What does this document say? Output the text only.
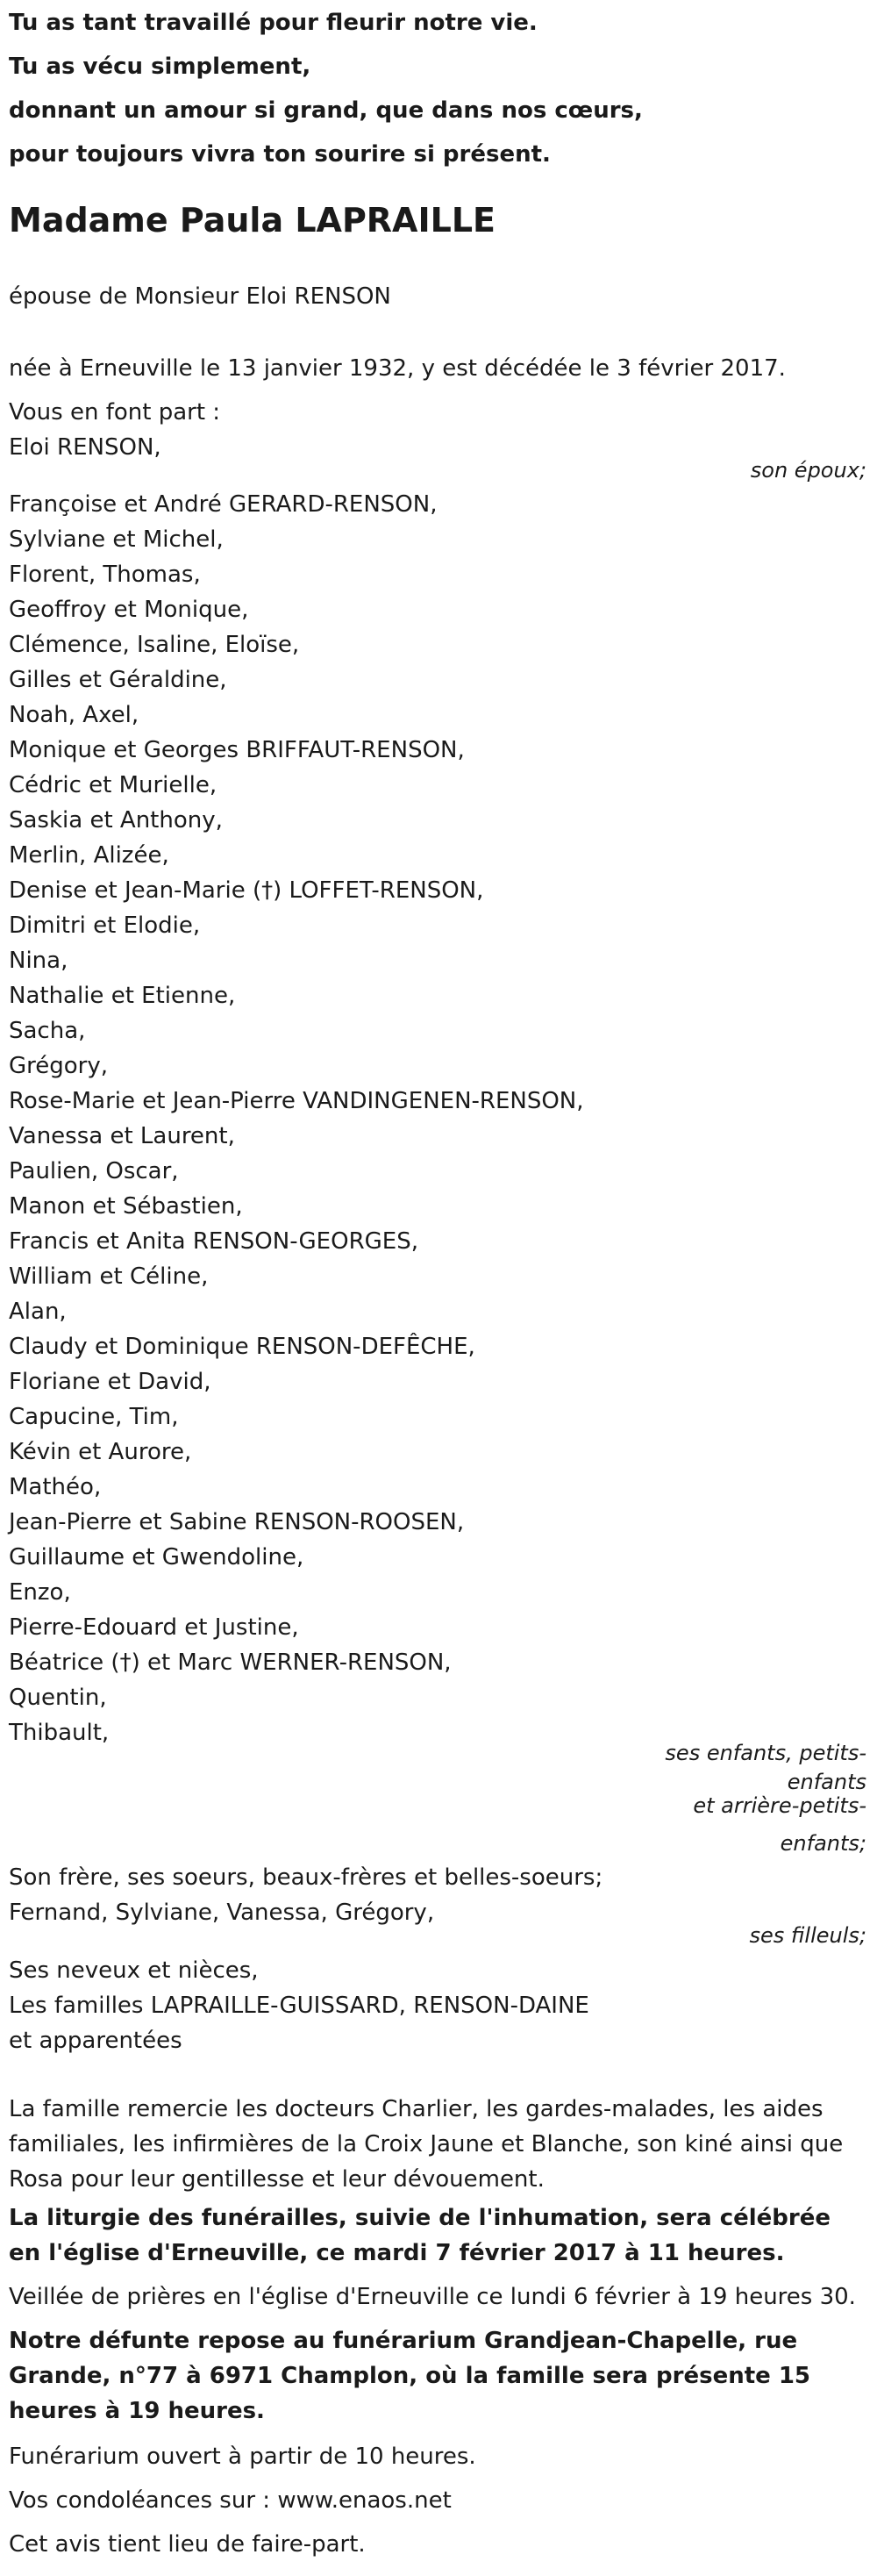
Tu as tant travaillé pour fleurir notre vie.
Tu as vécu simplement,
donnant un amour si grand, que dans nos cœurs,
pour toujours vivra ton sourire si présent.
Madame Paula LAPRAILLE
épouse de Monsieur Eloi RENSON
née à Erneuville le 13 janvier 1932, y est décédée le 3 février 2017.
Vous en font part :
Eloi RENSON,
son époux;
Françoise et André GERARD-RENSON,
Sylviane et Michel,
Florent, Thomas,
Geoffroy et Monique,
Clémence, Isaline, Eloïse,
Gilles et Géraldine,
Noah, Axel,
Monique et Georges BRIFFAUT-RENSON,
Cédric et Murielle,
Saskia et Anthony,
Merlin, Alizée,
Denise et Jean-Marie (†) LOFFET-RENSON,
Dimitri et Elodie,
Nina,
Nathalie et Etienne,
Sacha,
Grégory,
Rose-Marie et Jean-Pierre VANDINGENEN-RENSON,
Vanessa et Laurent,
Paulien, Oscar,
Manon et Sébastien,
Francis et Anita RENSON-GEORGES,
William et Céline,
Alan,
Claudy et Dominique RENSON-DEFÊCHE,
Floriane et David,
Capucine, Tim,
Kévin et Aurore,
Mathéo,
Jean-Pierre et Sabine RENSON-ROOSEN,
Guillaume et Gwendoline,
Enzo,
Pierre-Edouard et Justine,
Béatrice (†) et Marc WERNER-RENSON,
Quentin,
Thibault,
ses enfants, petits-
enfants
et arrière-petits-
enfants;
Son frère, ses soeurs, beaux-frères et belles-soeurs;
Fernand, Sylviane, Vanessa, Grégory,
ses filleuls;
Ses neveux et nièces,
Les familles LAPRAILLE-GUISSARD, RENSON-DAINE
et apparentées
La famille remercie les docteurs Charlier, les gardes-malades, les aides familiales, les infirmières de la Croix Jaune et Blanche, son kiné ainsi que Rosa pour leur gentillesse et leur dévouement.
La liturgie des funérailles, suivie de l'inhumation, sera célébrée en l'église d'Erneuville, ce mardi 7 février 2017 à 11 heures.
Veillée de prières en l'église d'Erneuville ce lundi 6 février à 19 heures 30.
Notre défunte repose au funérarium Grandjean-Chapelle, rue Grande, n°77 à 6971 Champlon, où la famille sera présente 15 heures à 19 heures.
Funérarium ouvert à partir de 10 heures.
Vos condoléances sur : www.enaos.net
Cet avis tient lieu de faire-part.
